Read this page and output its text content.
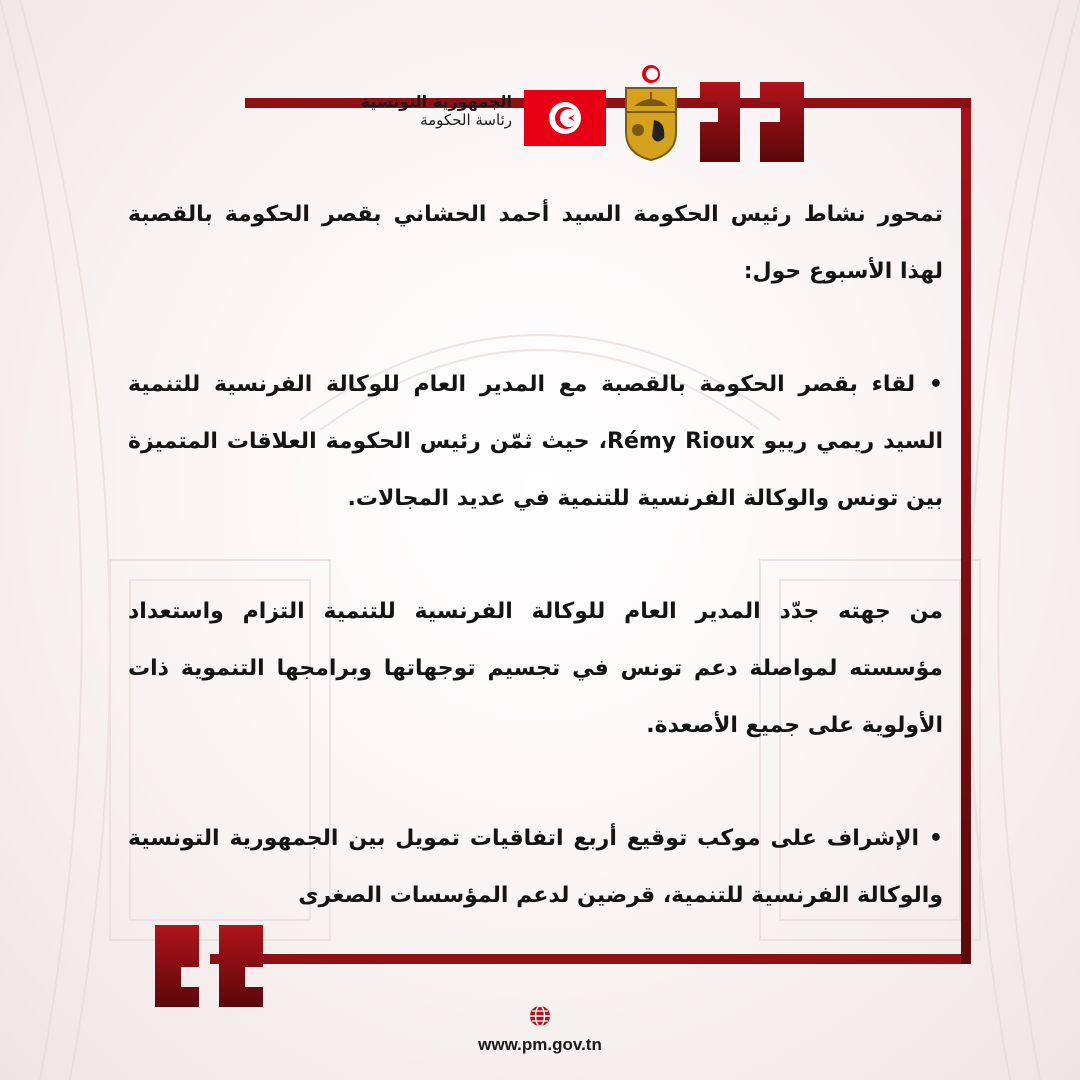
الجمهورية التونسية
رئاسة الحكومة

تمحور نشاط رئيس الحكومة السيد أحمد الحشاني بقصر الحكومة بالقصبة لهذا الأسبوع حول:

• لقاء بقصر الحكومة بالقصبة مع المدير العام للوكالة الفرنسية للتنمية السيد ريمي رييو Rémy Rioux، حيث ثمّن رئيس الحكومة العلاقات المتميزة بين تونس والوكالة الفرنسية للتنمية في عديد المجالات.

من جهته جدّد المدير العام للوكالة الفرنسية للتنمية التزام واستعداد مؤسسته لمواصلة دعم تونس في تجسيم توجهاتها وبرامجها التنموية ذات الأولوية على جميع الأصعدة.

• الإشراف على موكب توقيع أربع اتفاقيات تمويل بين الجمهورية التونسية والوكالة الفرنسية للتنمية، قرضين لدعم المؤسسات الصغرى

www.pm.gov.tn
